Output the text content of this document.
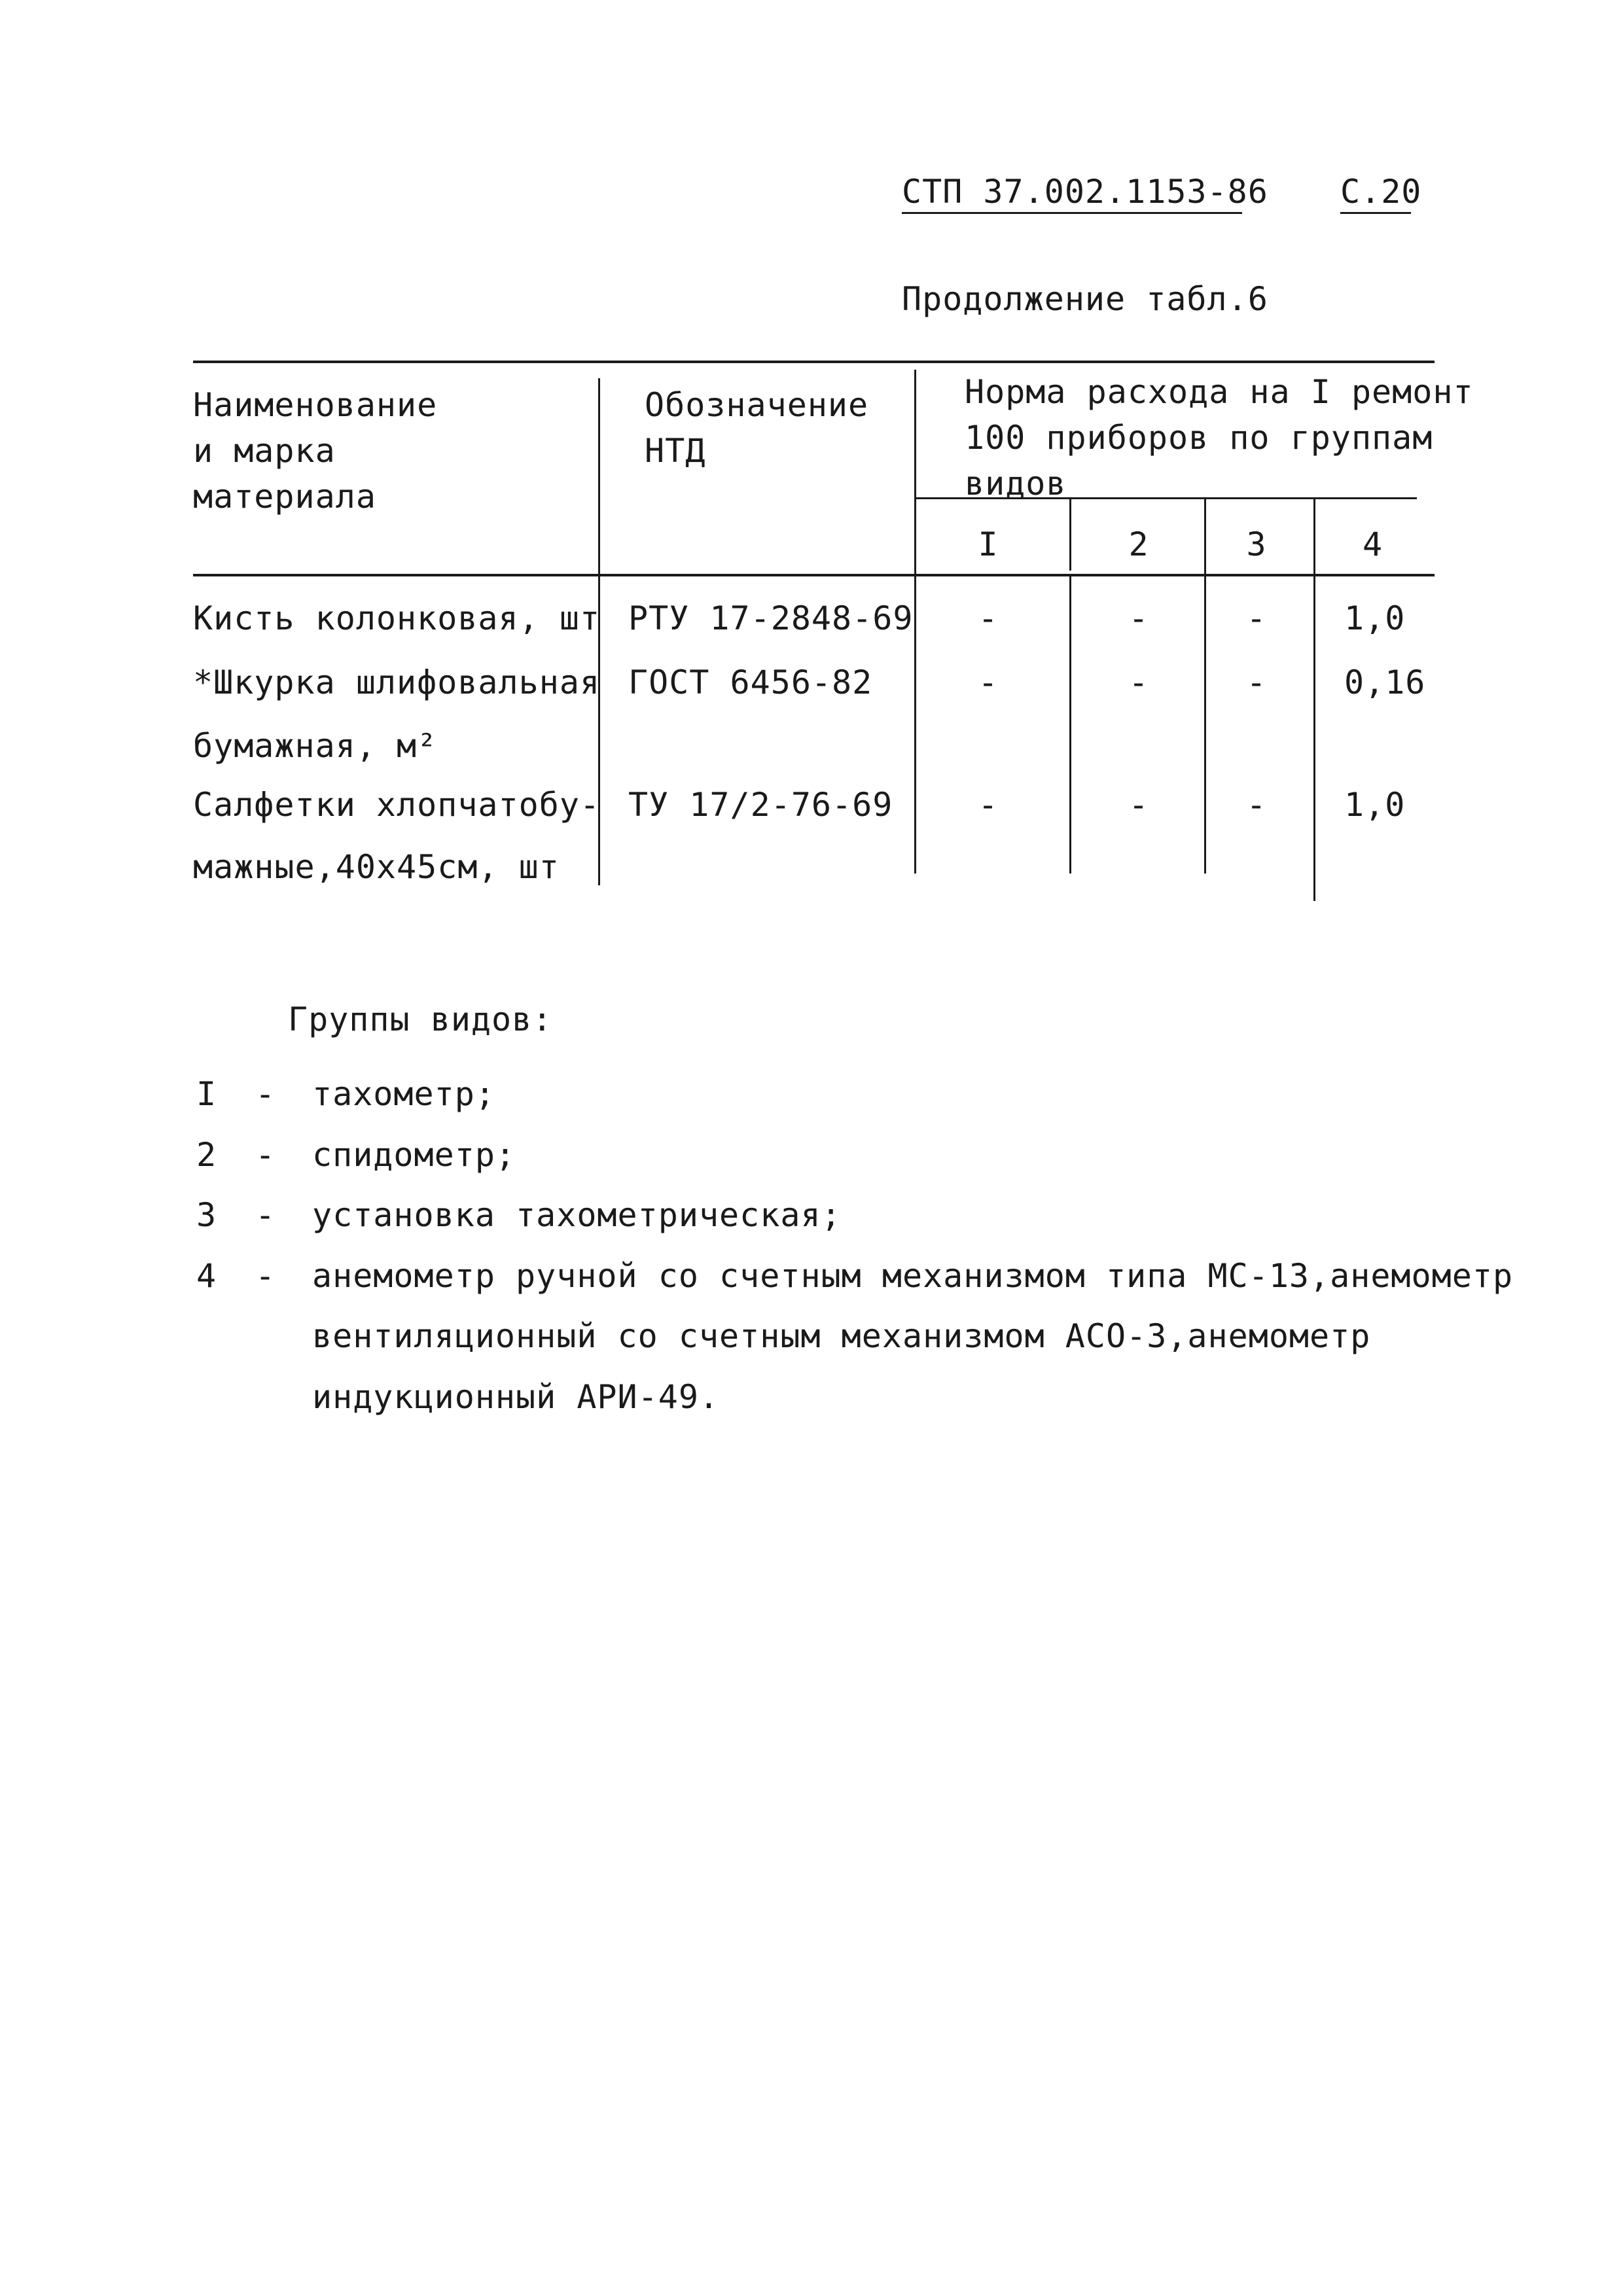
СТП 37.002.1153-86 С.20
Продолжение табл.6
Наименование
и марка
материала
Обозначение
НТД
Норма расхода на I ремонт
100 приборов по группам
видов
I	2	3	4
Кисть колонковая, шт РТУ 17-2848-69	-	-	-	1,0
*Шкурка шлифовальная
бумажная, м²
ГОСТ 6456-82	-	-	-	0,16
Салфетки хлопчатобу-
мажные,40х45см, шт
ТУ 17/2-76-69	-	-	-	1,0
Группы видов:
I - тахометр;
2 - спидометр;
3 - установка тахометрическая;
4 - анемометр ручной со счетным механизмом типа МС-13,анемометр
вентиляционный со счетным механизмом АСО-3,анемометр
индукционный АРИ-49.
